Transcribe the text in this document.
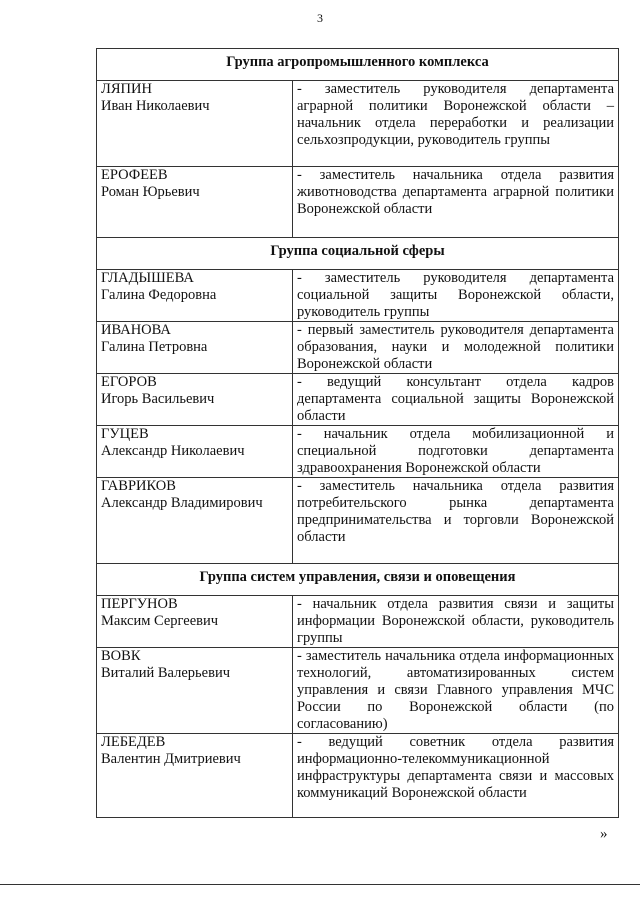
3
Группа агропромышленного комплекса	

ЛЯПИН
Иван Николаевич	- заместитель руководителя департамента аграрной политики Воронежской области – начальник отдела переработки и реализации сельхозпродукции, руководитель группы

ЕРОФЕЕВ
Роман Юрьевич	- заместитель начальника отдела развития животноводства департамента аграрной политики Воронежской области
Группа социальной сферы	

ГЛАДЫШЕВА
Галина Федоровна	- заместитель руководителя департамента социальной защиты Воронежской области, руководитель группы

ИВАНОВА
Галина Петровна	- первый заместитель руководителя департамента образования, науки и молодежной политики Воронежской области

ЕГОРОВ
Игорь Васильевич	- ведущий консультант отдела кадров департамента социальной защиты Воронежской области

ГУЦЕВ
Александр Николаевич	- начальник отдела мобилизационной и специальной подготовки департамента здравоохранения Воронежской области

ГАВРИКОВ
Александр Владимирович	- заместитель начальника отдела развития потребительского рынка департамента предпринимательства и торговли Воронежской области
Группа систем управления, связи и оповещения	

ПЕРГУНОВ
Максим Сергеевич	- начальник отдела развития связи и защиты информации Воронежской области, руководитель группы

ВОВК
Виталий Валерьевич	- заместитель начальника отдела информационных технологий, автоматизированных систем управления и связи Главного управления МЧС России по Воронежской области (по согласованию)

ЛЕБЕДЕВ
Валентин Дмитриевич	- ведущий советник отдела развития информационно-телекоммуникационной инфраструктуры департамента связи и массовых коммуникаций Воронежской области
»
